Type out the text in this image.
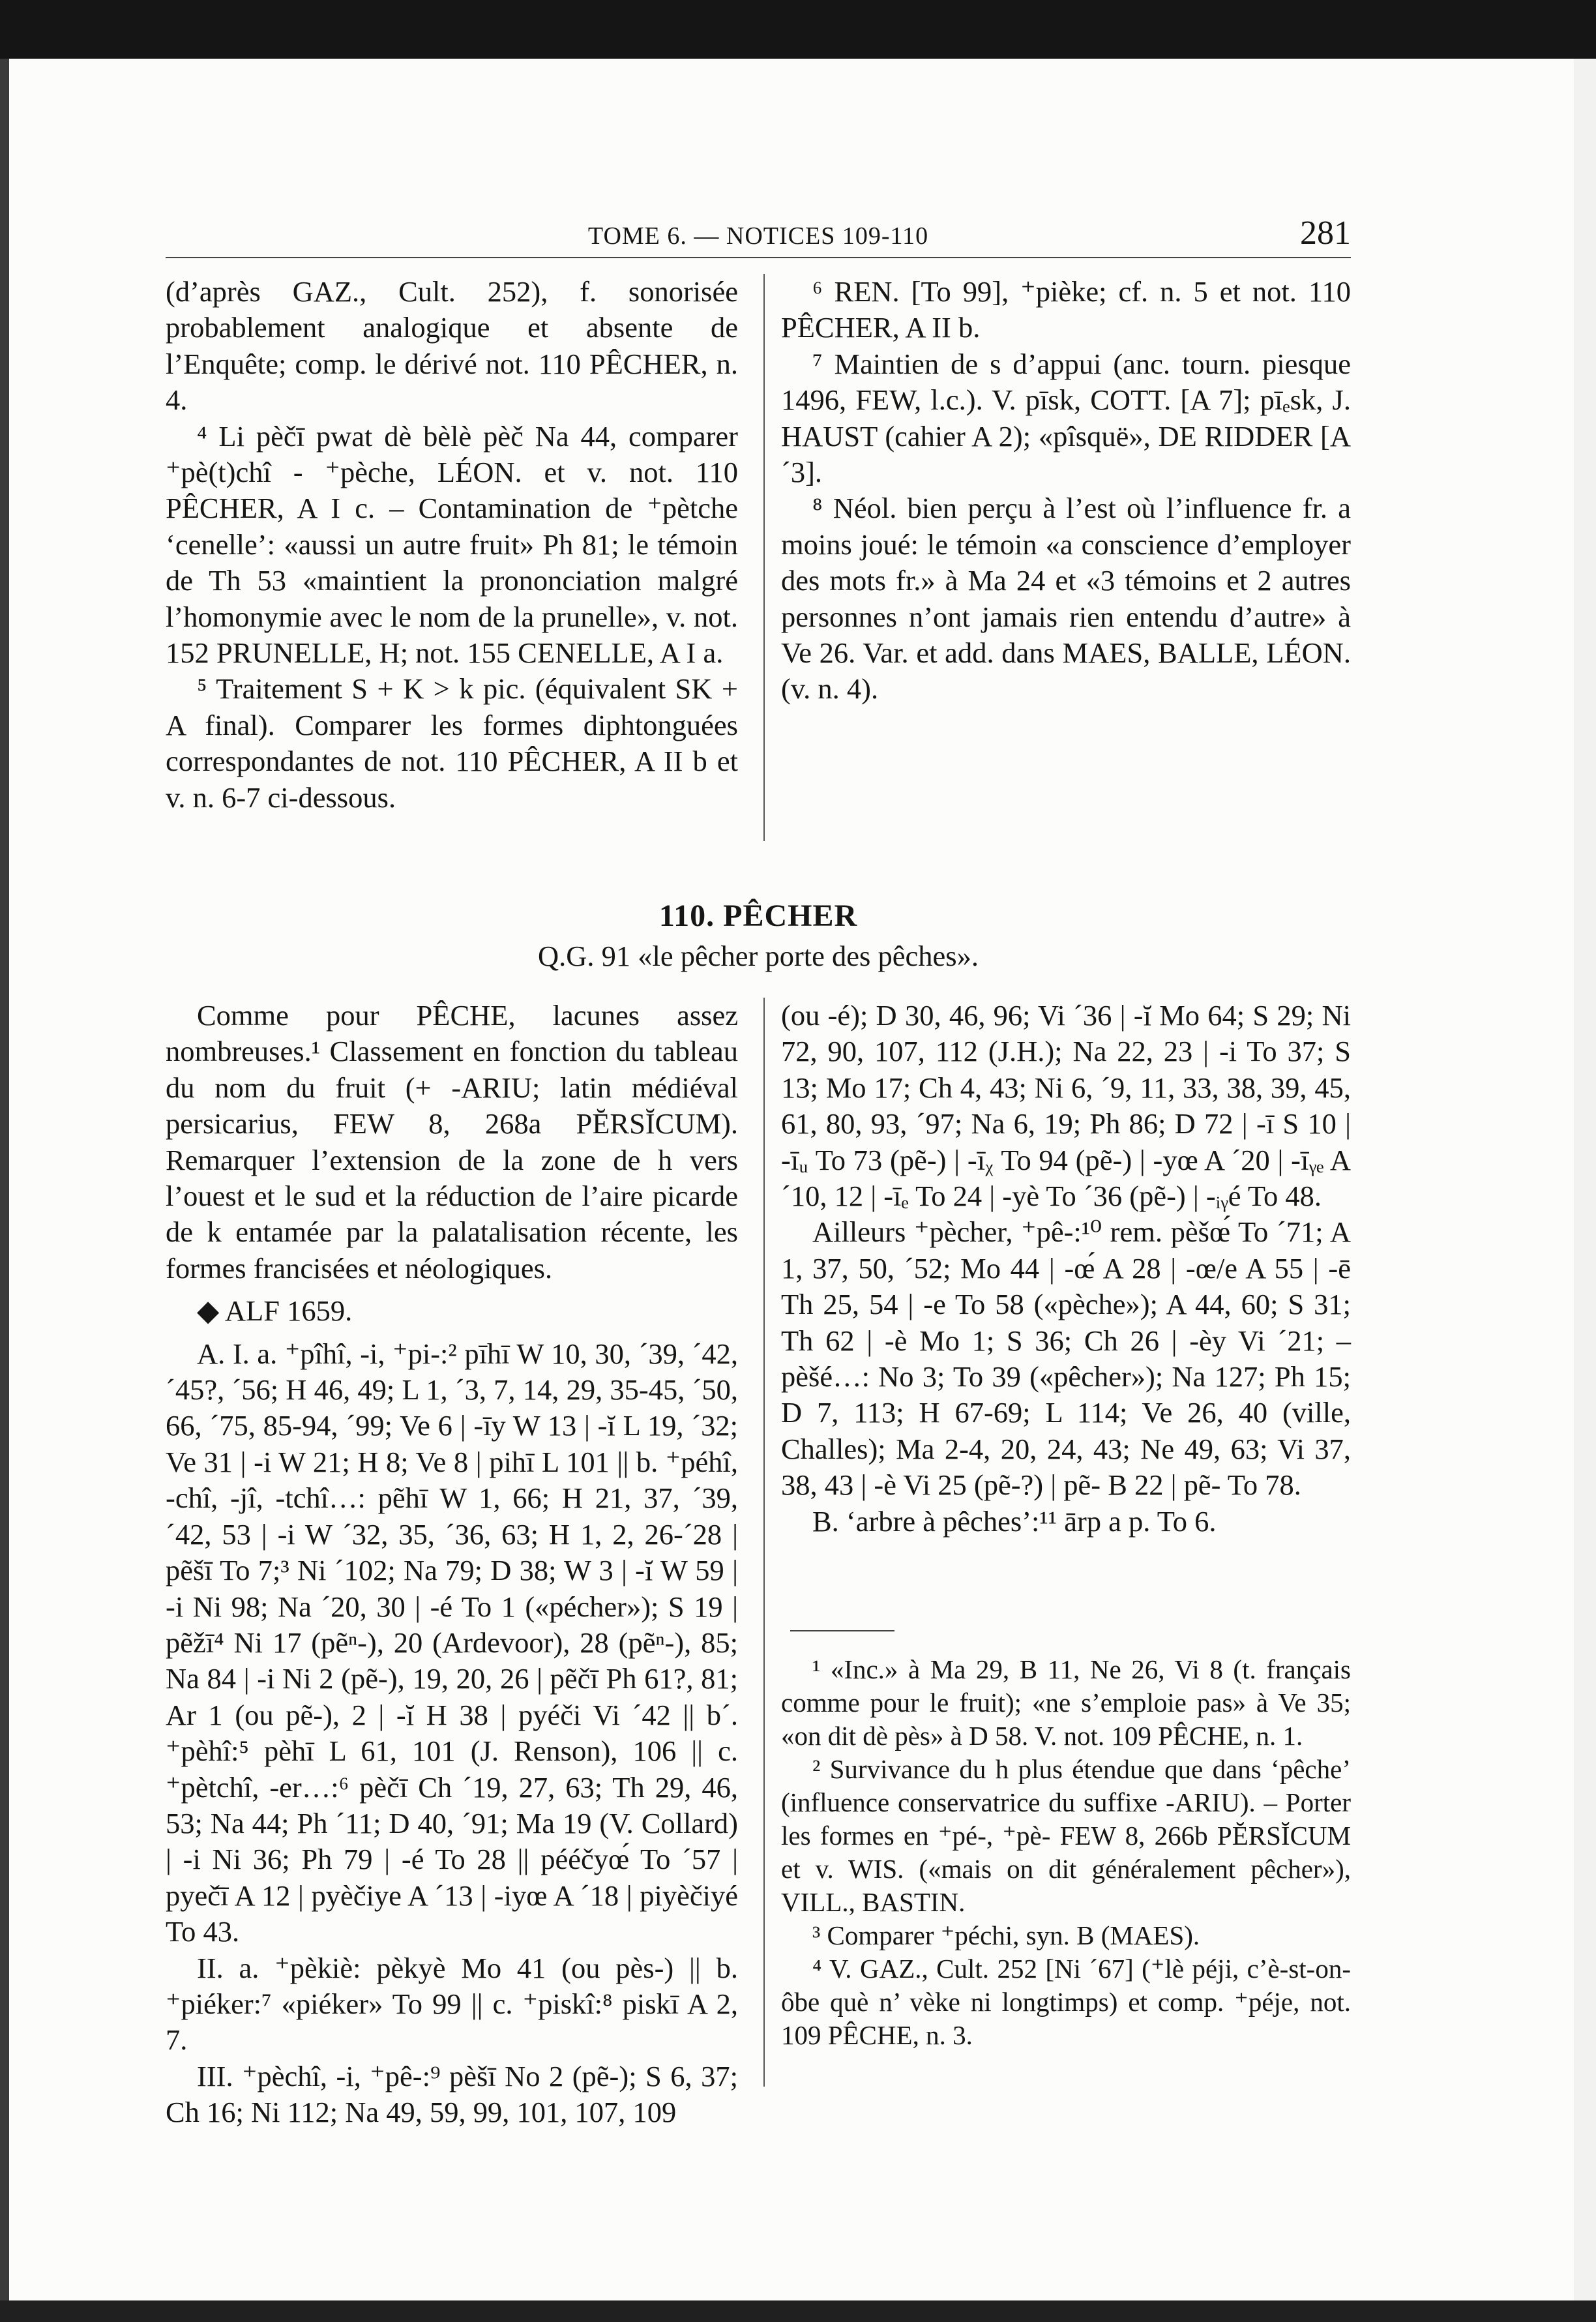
TOME 6. — NOTICES 109-110	281

(d’après GAZ., Cult. 252), f. sonorisée probablement analogique et absente de l’Enquête; comp. le dérivé not. 110 PÊCHER, n. 4.

⁴ Li pèčī pwat dè bèlè pèč Na 44, comparer ⁺pè(t)chî - ⁺pèche, LÉON. et v. not. 110 PÊCHER, A I c. – Contamination de ⁺pètche ‘cenelle’: «aussi un autre fruit» Ph 81; le témoin de Th 53 «maintient la prononciation malgré l’homonymie avec le nom de la prunelle», v. not. 152 PRUNELLE, H; not. 155 CENELLE, A I a.

⁵ Traitement S + K > k pic. (équivalent SK + A final). Comparer les formes diphtonguées correspondantes de not. 110 PÊCHER, A II b et v. n. 6-7 ci-dessous.

⁶ REN. [To 99], ⁺pièke; cf. n. 5 et not. 110 PÊCHER, A II b.

⁷ Maintien de s d’appui (anc. tourn. piesque 1496, FEW, l.c.). V. pīsk, COTT. [A 7]; pīₑsk, J. HAUST (cahier A 2); «pîsquë», DE RIDDER [A ´3].

⁸ Néol. bien perçu à l’est où l’influence fr. a moins joué: le témoin «a conscience d’employer des mots fr.» à Ma 24 et «3 témoins et 2 autres personnes n’ont jamais rien entendu d’autre» à Ve 26. Var. et add. dans MAES, BALLE, LÉON. (v. n. 4).

110. PÊCHER
Q.G. 91 «le pêcher porte des pêches».

Comme pour PÊCHE, lacunes assez nombreuses.¹ Classement en fonction du tableau du nom du fruit (+ -ARIU; latin médiéval persicarius, FEW 8, 268a PĔRSĬCUM). Remarquer l’extension de la zone de h vers l’ouest et le sud et la réduction de l’aire picarde de k entamée par la palatalisation récente, les formes francisées et néologiques.

◆ ALF 1659.

A. I. a. ⁺pîhî, -i, ⁺pi-:² pīhī W 10, 30, ´39, ´42, ´45?, ´56; H 46, 49; L 1, ´3, 7, 14, 29, 35-45, ´50, 66, ´75, 85-94, ´99; Ve 6 | -īy W 13 | -ĭ L 19, ´32; Ve 31 | -i W 21; H 8; Ve 8 | pihī L 101 || b. ⁺péhî, -chî, -jî, -tchî…: pẽhī W 1, 66; H 21, 37, ´39, ´42, 53 | -i W ´32, 35, ´36, 63; H 1, 2, 26-´28 | pẽšī To 7;³ Ni ´102; Na 79; D 38; W 3 | -ĭ W 59 | -i Ni 98; Na ´20, 30 | -é To 1 («pécher»); S 19 | pẽžī⁴ Ni 17 (pẽⁿ-), 20 (Ardevoor), 28 (pẽⁿ-), 85; Na 84 | -i Ni 2 (pẽ-), 19, 20, 26 | pẽčī Ph 61?, 81; Ar 1 (ou pẽ-), 2 | -ĭ H 38 | pyéči Vi ´42 || b´. ⁺pèhî:⁵ pèhī L 61, 101 (J. Renson), 106 || c. ⁺pètchî, -er…:⁶ pèčī Ch ´19, 27, 63; Th 29, 46, 53; Na 44; Ph ´11; D 40, ´91; Ma 19 (V. Collard) | -i Ni 36; Ph 79 | -é To 28 || pééčyœ́ To ´57 | pyeč̄ī A 12 | pyèčiye A ´13 | -iyœ A ´18 | piyèčiyé To 43.

II. a. ⁺pèkiè: pèkyè Mo 41 (ou pès-) || b. ⁺piéker:⁷ «piéker» To 99 || c. ⁺piskî:⁸ piskī A 2, 7.

III. ⁺pèchî, -i, ⁺pê-:⁹ pèšī No 2 (pẽ-); S 6, 37; Ch 16; Ni 112; Na 49, 59, 99, 101, 107, 109

(ou -é); D 30, 46, 96; Vi ´36 | -ĭ Mo 64; S 29; Ni 72, 90, 107, 112 (J.H.); Na 22, 23 | -i To 37; S 13; Mo 17; Ch 4, 43; Ni 6, ´9, 11, 33, 38, 39, 45, 61, 80, 93, ´97; Na 6, 19; Ph 86; D 72 | -ī S 10 | -īᵤ To 73 (pẽ-) | -īᵪ To 94 (pẽ-) | -yœ A ´20 | -īᵧₑ A ´10, 12 | -īₑ To 24 | -yè To ´36 (pẽ-) | -ᵢᵧé To 48.

Ailleurs ⁺pècher, ⁺pê-:¹⁰ rem. pèšœ́ To ´71; A 1, 37, 50, ´52; Mo 44 | -œ́ A 28 | -œ/e A 55 | -ē Th 25, 54 | -e To 58 («pèche»); A 44, 60; S 31; Th 62 | -è Mo 1; S 36; Ch 26 | -èy Vi ´21; – pèšé…: No 3; To 39 («pêcher»); Na 127; Ph 15; D 7, 113; H 67-69; L 114; Ve 26, 40 (ville, Challes); Ma 2-4, 20, 24, 43; Ne 49, 63; Vi 37, 38, 43 | -è Vi 25 (pẽ-?) | pẽ- B 22 | pẽ- To 78.

B. ‘arbre à pêches’:¹¹ ārp a p. To 6.

¹ «Inc.» à Ma 29, B 11, Ne 26, Vi 8 (t. français comme pour le fruit); «ne s’emploie pas» à Ve 35; «on dit dè pès» à D 58. V. not. 109 PÊCHE, n. 1.

² Survivance du h plus étendue que dans ‘pêche’ (influence conservatrice du suffixe -ARIU). – Porter les formes en ⁺pé-, ⁺pè- FEW 8, 266b PĔRSĬCUM et v. WIS. («mais on dit généralement pêcher»), VILL., BASTIN.

³ Comparer ⁺péchi, syn. B (MAES).

⁴ V. GAZ., Cult. 252 [Ni ´67] (⁺lè péji, c’è-st-on-ôbe què n’ vèke ni longtimps) et comp. ⁺péje, not. 109 PÊCHE, n. 3.
